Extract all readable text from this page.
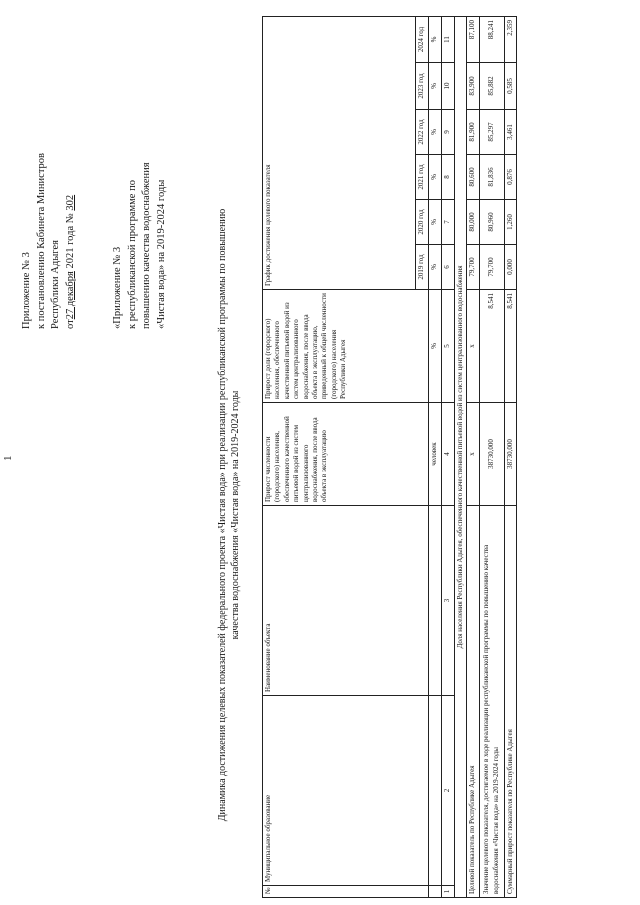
1
Приложение № 3 к постановлению Кабинета Министров Республики Адыгея от27 декабря 2021 года № 302
«Приложение № 3 к республиканской программе по повышению качества водоснабжения «Чистая вода» на 2019-2024 годы	Динамика достижения целевых показателей федерального проекта «Чистая вода» при реализации республиканской программы по повышению качества водоснабжения «Чистая вода» на 2019-2024 годы
№	Муниципальное образование	Наименование объекта	Прирост численности (городского) населения, обеспеченного качественной питьевой водой из систем централизованного водоснабжения, после ввода объекта в эксплуатацию	Прирост доли (городского) населения, обеспеченного качественной питьевой водой из систем централизованного водоснабжения, после ввода объекта в эксплуатацию, приведенный к общей численности (городского) населения Республики Адыгея	График достижения целевого показателя					
					2019 год	2020 год	2021 год	2022 год	2023 год	2024 год
			человек	%	%	%	%	%	%	%
1	2	3	4	5	6	7	8	9	10	11
Доля населения Республики Адыгея, обеспеченного качественной питьевой водой из систем централизованного водоснабжения										
Целевой показатель по Республике Адыгея			x	x	79,700	80,000	80,600	81,900	83,900	87,100
Значение целевого показателя, достигаемое в ходе реализации республиканской программы по повышению качества водоснабжения «Чистая вода» на 2019-2024 годы			38730,000	8,541	79,700	80,960	81,836	85,297	85,882	88,241
Суммарный прирост показателя по Республике Адыгея			38730,000	8,541	0,000	1,260	0,876	3,461	0,585	2,359
